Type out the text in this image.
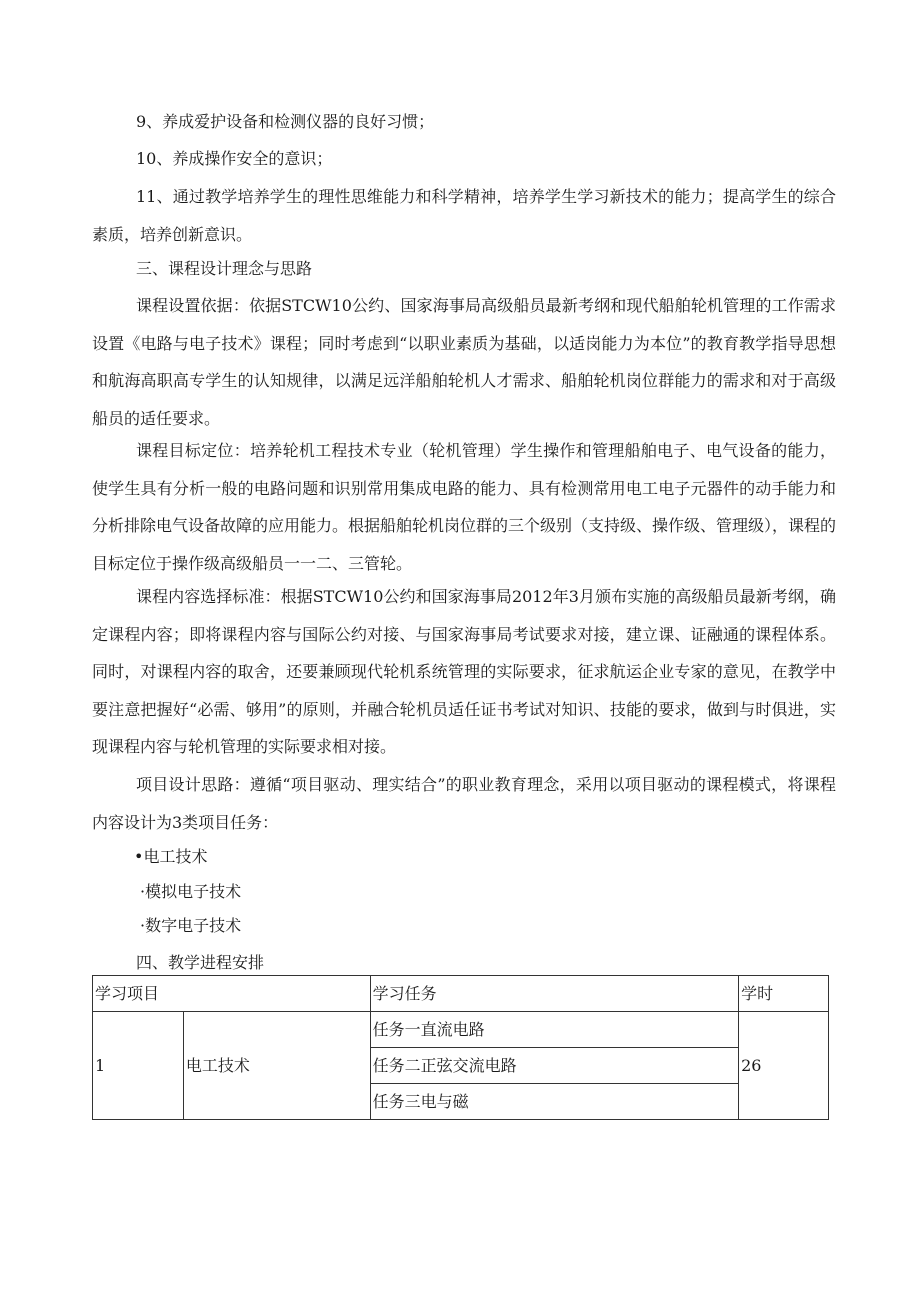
9、养成爱护设备和检测仪器的良好习惯；

10、养成操作安全的意识；

11、通过教学培养学生的理性思维能力和科学精神，培养学生学习新技术的能力；提高学生的综合素质，培养创新意识。

三、课程设计理念与思路

课程设置依据：依据STCW10公约、国家海事局高级船员最新考纲和现代船舶轮机管理的工作需求设置《电路与电子技术》课程；同时考虑到“以职业素质为基础，以适岗能力为本位”的教育教学指导思想和航海高职高专学生的认知规律，以满足远洋船舶轮机人才需求、船舶轮机岗位群能力的需求和对于高级船员的适任要求。

课程目标定位：培养轮机工程技术专业（轮机管理）学生操作和管理船舶电子、电气设备的能力，使学生具有分析一般的电路问题和识别常用集成电路的能力、具有检测常用电工电子元器件的动手能力和分析排除电气设备故障的应用能力。根据船舶轮机岗位群的三个级别（支持级、操作级、管理级），课程的目标定位于操作级高级船员一一二、三管轮。

课程内容选择标准：根据STCW10公约和国家海事局2012年3月颁布实施的高级船员最新考纲，确定课程内容；即将课程内容与国际公约对接、与国家海事局考试要求对接，建立课、证融通的课程体系。同时，对课程内容的取舍，还要兼顾现代轮机系统管理的实际要求，征求航运企业专家的意见，在教学中要注意把握好“必需、够用”的原则，并融合轮机员适任证书考试对知识、技能的要求，做到与时俱进，实现课程内容与轮机管理的实际要求相对接。

项目设计思路：遵循“项目驱动、理实结合”的职业教育理念，采用以项目驱动的课程模式，将课程内容设计为3类项目任务：

•电工技术
·模拟电子技术
·数字电子技术

四、教学进程安排

学习项目		学习任务	学时
1	电工技术	任务一直流电路	26
		任务二正弦交流电路	
		任务三电与磁	
